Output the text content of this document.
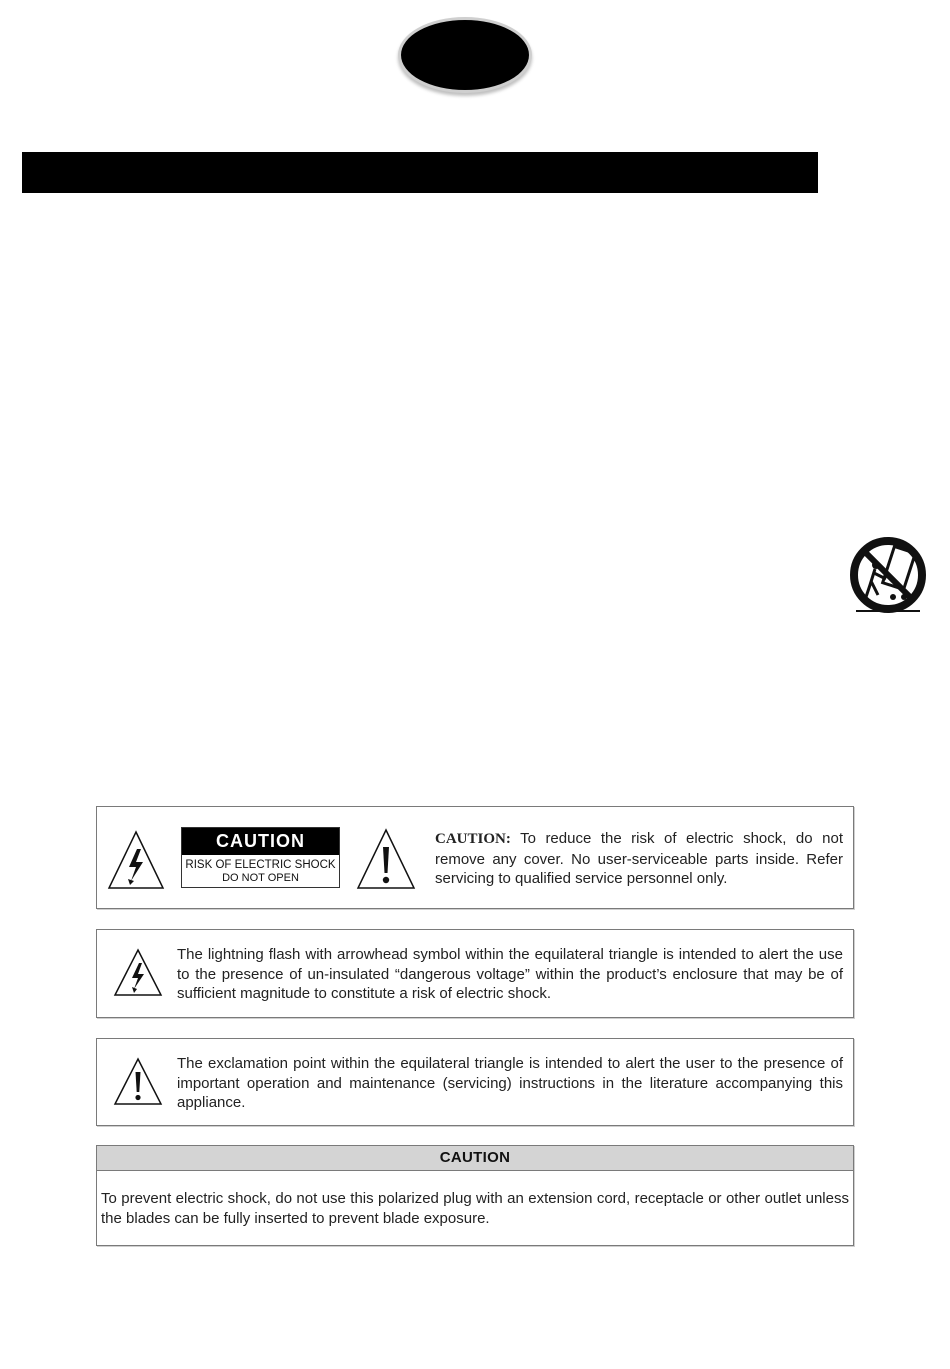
CAUTION
RISK OF ELECTRIC SHOCK
DO NOT OPEN
CAUTION: To reduce the risk of electric shock, do not remove any cover. No user-serviceable parts inside. Refer servicing to qualified service personnel only.
The lightning flash with arrowhead symbol within the equilateral triangle is intended to alert the use to the presence of un-insulated “dangerous voltage” within the product’s enclosure that may be of sufficient magnitude to constitute a risk of electric shock.
The exclamation point within the equilateral triangle is intended to alert the user to the presence of important operation and maintenance (servicing) instructions in the literature accompanying this appliance.
CAUTION
To prevent electric shock, do not use this polarized plug with an extension cord, receptacle or other outlet unless the blades can be fully inserted to prevent blade exposure.
